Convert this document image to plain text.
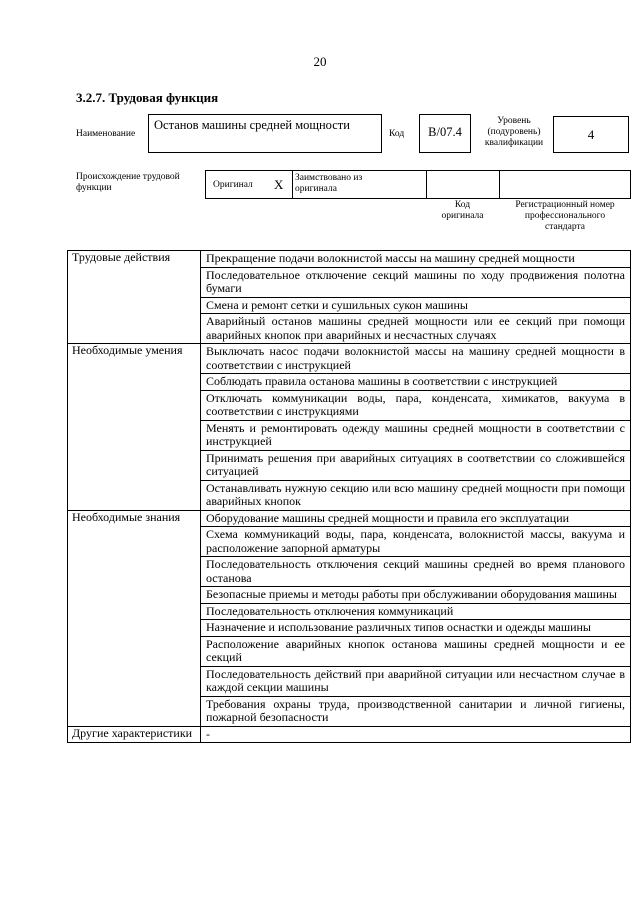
20
3.2.7. Трудовая функция
Наименование
Останов машины средней мощности
Код	B/07.4
Уровень
(подуровень)
квалификации
4
Происхождение трудовой
функции	Оригинал X Заимствовано из
оригинала
Код
оригинала
Регистрационный номер
профессионального
стандарта
Трудовые действия	Прекращение подачи волокнистой массы на машину средней мощности
	Последовательное отключение секций машины по ходу продвижения полотна бумаги
	Смена и ремонт сетки и сушильных сукон машины
	Аварийный останов машины средней мощности или ее секций при помощи аварийных кнопок при аварийных и несчастных случаях
Необходимые умения	Выключать насос подачи волокнистой массы на машину средней мощности в соответствии с инструкцией
	Соблюдать правила останова машины в соответствии с инструкцией
	Отключать коммуникации воды, пара, конденсата, химикатов, вакуума в соответствии с инструкциями
	Менять и ремонтировать одежду машины средней мощности в соответствии с инструкцией
	Принимать решения при аварийных ситуациях в соответствии со сложившейся ситуацией
	Останавливать нужную секцию или всю машину средней мощности при помощи аварийных кнопок
Необходимые знания	Оборудование машины средней мощности и правила его эксплуатации
	Схема коммуникаций воды, пара, конденсата, волокнистой массы, вакуума и расположение запорной арматуры
	Последовательность отключения секций машины средней во время планового останова
	Безопасные приемы и методы работы при обслуживании оборудования машины
	Последовательность отключения коммуникаций
	Назначение и использование различных типов оснастки и одежды машины
	Расположение аварийных кнопок останова машины средней мощности и ее секций
	Последовательность действий при аварийной ситуации или несчастном случае в каждой секции машины
	Требования охраны труда, производственной санитарии и личной гигиены, пожарной безопасности
Другие характеристики	-
